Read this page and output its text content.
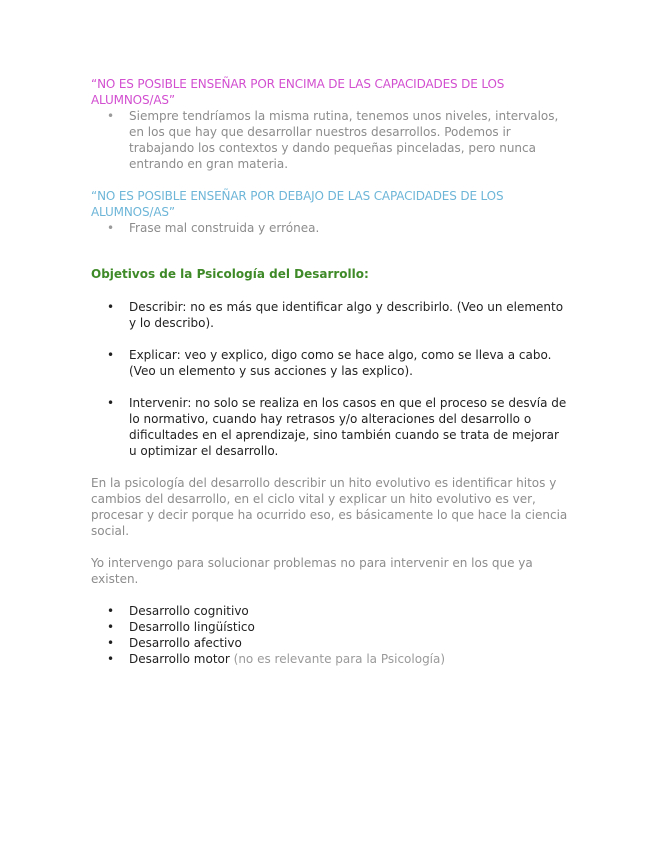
“NO ES POSIBLE ENSEÑAR POR ENCIMA DE LAS CAPACIDADES DE LOS ALUMNOS/AS”

• Siempre tendríamos la misma rutina, tenemos unos niveles, intervalos, en los que hay que desarrollar nuestros desarrollos. Podemos ir trabajando los contextos y dando pequeñas pinceladas, pero nunca entrando en gran materia.

“NO ES POSIBLE ENSEÑAR POR DEBAJO DE LAS CAPACIDADES DE LOS ALUMNOS/AS”

• Frase mal construida y errónea.

Objetivos de la Psicología del Desarrollo:

• Describir: no es más que identificar algo y describirlo. (Veo un elemento y lo describo).
• Explicar: veo y explico, digo como se hace algo, como se lleva a cabo. (Veo un elemento y sus acciones y las explico).
• Intervenir: no solo se realiza en los casos en que el proceso se desvía de lo normativo, cuando hay retrasos y/o alteraciones del desarrollo o dificultades en el aprendizaje, sino también cuando se trata de mejorar u optimizar el desarrollo.

En la psicología del desarrollo describir un hito evolutivo es identificar hitos y cambios del desarrollo, en el ciclo vital y explicar un hito evolutivo es ver, procesar y decir porque ha ocurrido eso, es básicamente lo que hace la ciencia social.

Yo intervengo para solucionar problemas no para intervenir en los que ya existen.

• Desarrollo cognitivo
• Desarrollo lingüístico
• Desarrollo afectivo
• Desarrollo motor (no es relevante para la Psicología)
